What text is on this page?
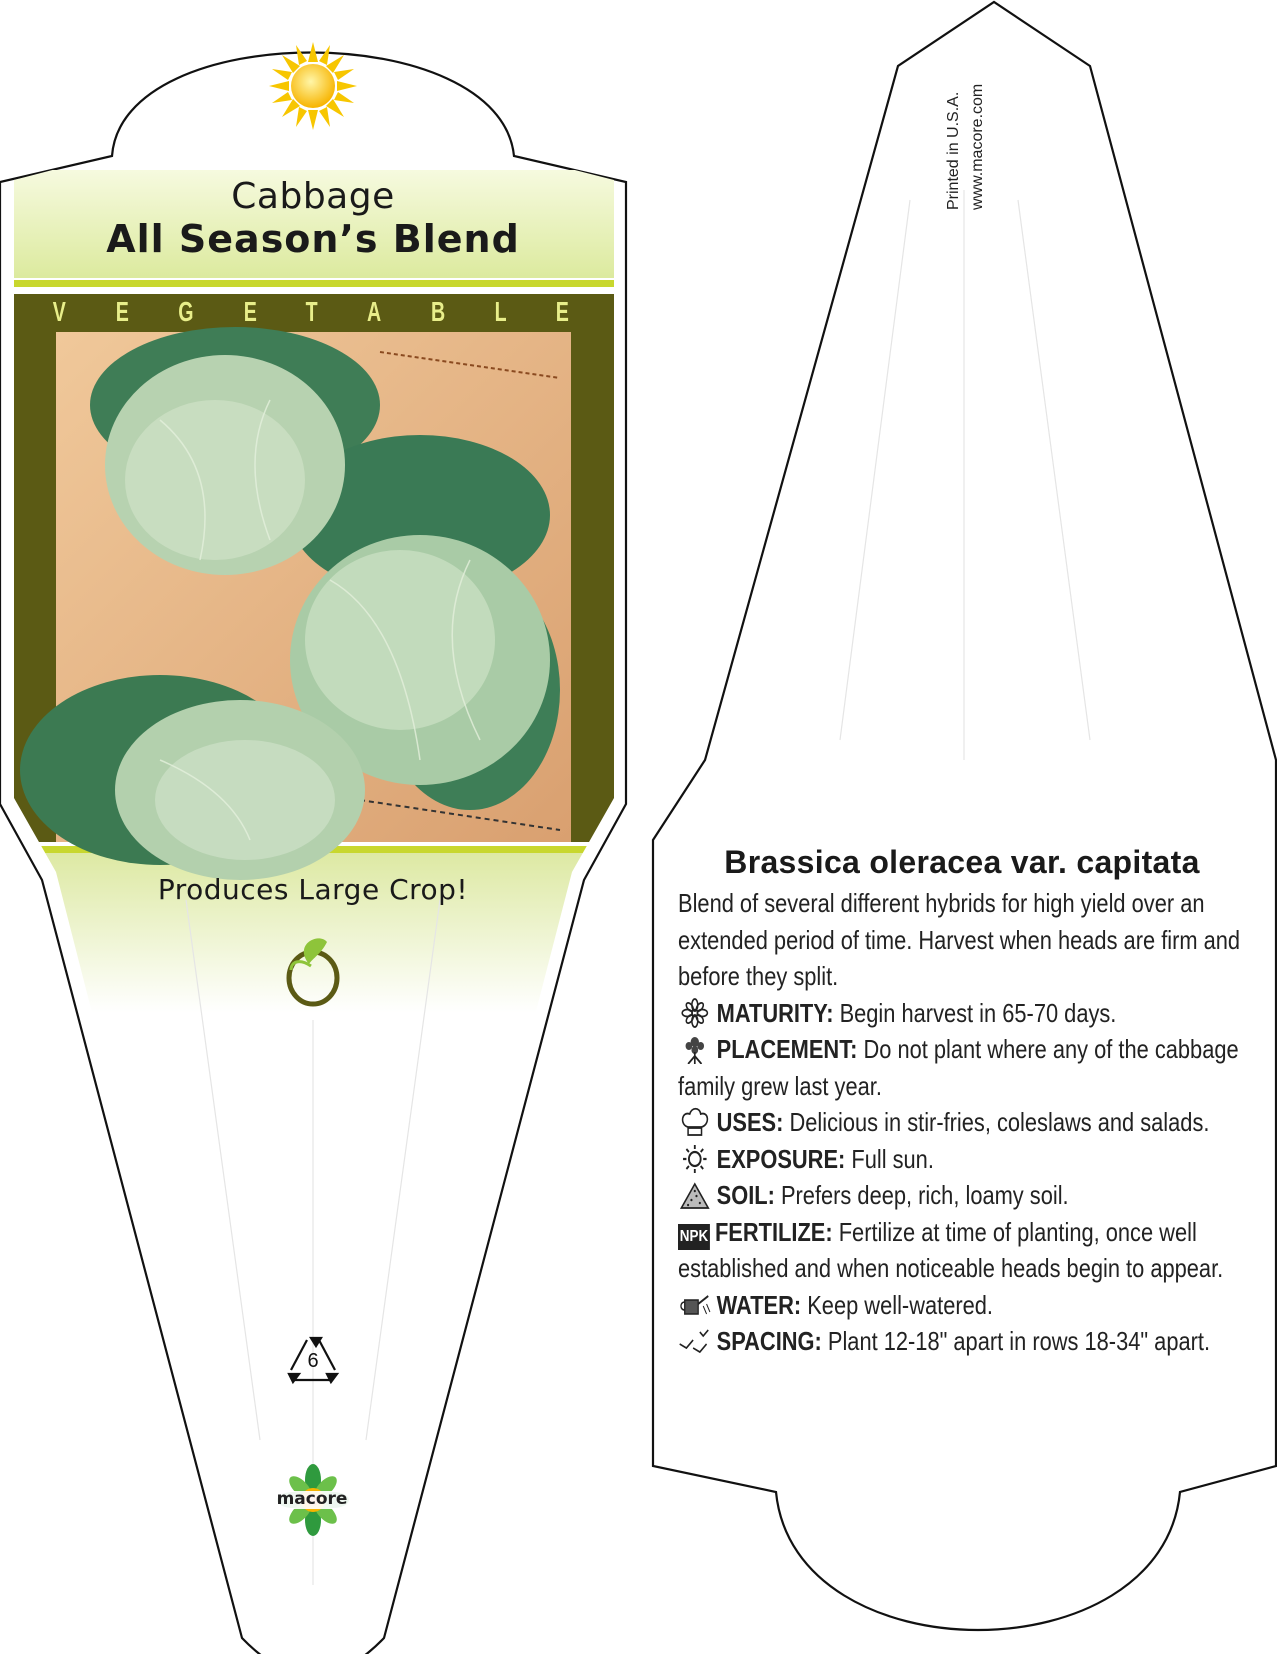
Cabbage
All Season’s Blend
V E G E T A B L E
Produces Large Crop!
6
macore
Printed in U.S.A. www.macore.com
Brassica oleracea var. capitata
Blend of several different hybrids for high yield over an extended period of time. Harvest when heads are firm and before they split.
MATURITY: Begin harvest in 65-70 days.
PLACEMENT: Do not plant where any of the cabbage family grew last year.
USES: Delicious in stir-fries, coleslaws and salads.
EXPOSURE: Full sun.
SOIL: Prefers deep, rich, loamy soil.
NPK FERTILIZE: Fertilize at time of planting, once well established and when noticeable heads begin to appear.
WATER: Keep well-watered.
SPACING: Plant 12-18" apart in rows 18-34" apart.
